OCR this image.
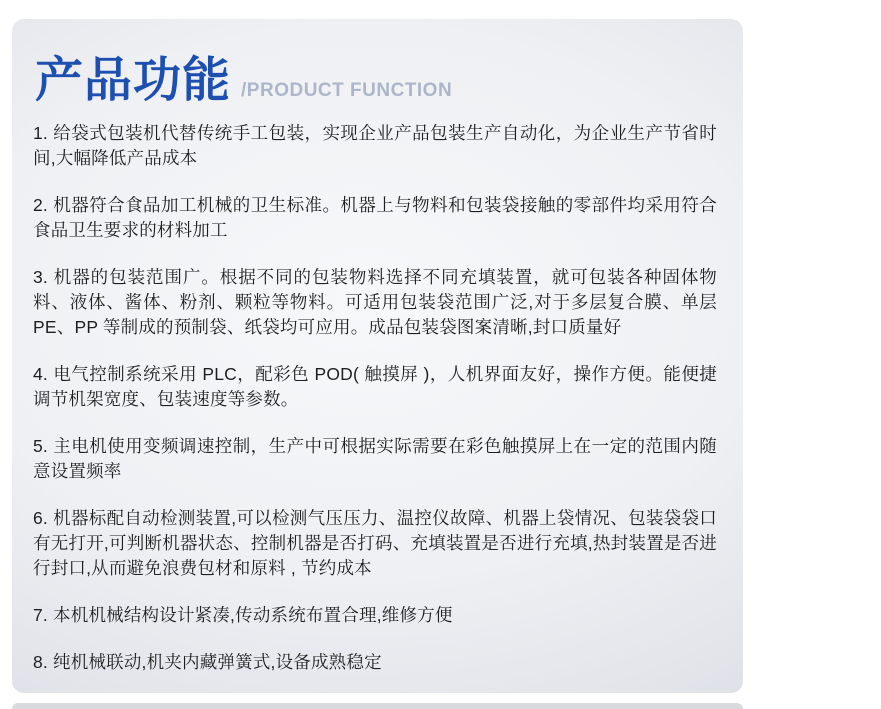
产品功能 /PRODUCT FUNCTION

1. 给袋式包装机代替传统手工包装，实现企业产品包装生产自动化，为企业生产节省时间,大幅降低产品成本

2. 机器符合食品加工机械的卫生标准。机器上与物料和包装袋接触的零部件均采用符合食品卫生要求的材料加工

3. 机器的包装范围广。根据不同的包装物料选择不同充填装置，就可包装各种固体物料、液体、酱体、粉剂、颗粒等物料。可适用包装袋范围广泛,对于多层复合膜、单层PE、PP 等制成的预制袋、纸袋均可应用。成品包装袋图案清晰,封口质量好

4. 电气控制系统采用 PLC，配彩色 POD( 触摸屏 )，人机界面友好，操作方便。能便捷调节机架宽度、包装速度等参数。

5. 主电机使用变频调速控制，生产中可根据实际需要在彩色触摸屏上在一定的范围内随意设置频率

6. 机器标配自动检测装置,可以检测气压压力、温控仪故障、机器上袋情况、包装袋袋口有无打开,可判断机器状态、控制机器是否打码、充填装置是否进行充填,热封装置是否进行封口,从而避免浪费包材和原料 , 节约成本

7. 本机机械结构设计紧凑,传动系统布置合理,维修方便

8. 纯机械联动,机夹内藏弹簧式,设备成熟稳定
